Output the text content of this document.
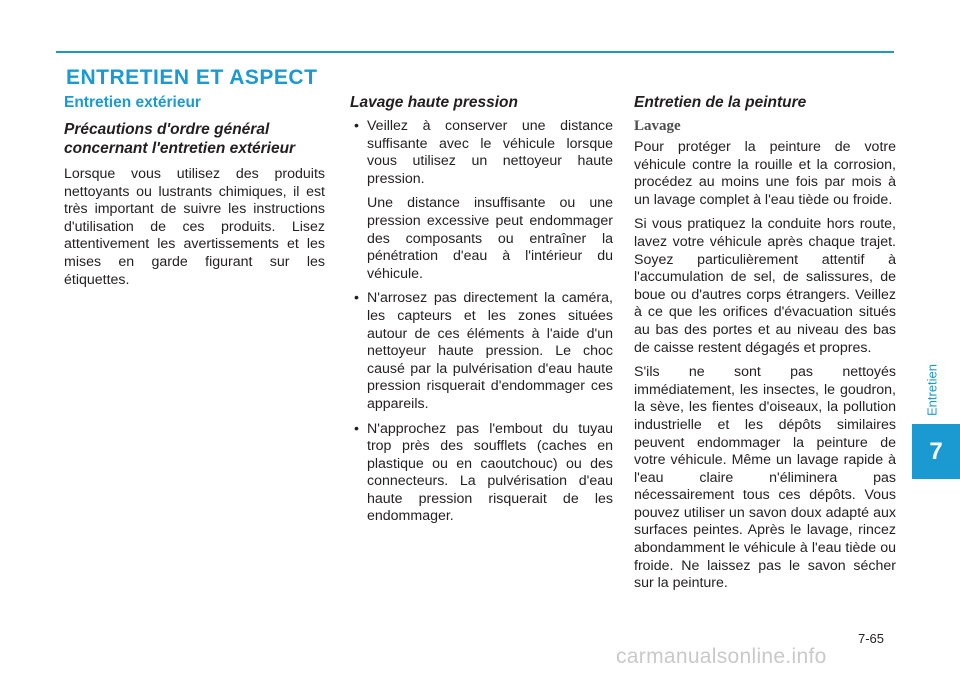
ENTRETIEN ET ASPECT
Entretien extérieur
Précautions d'ordre général
concernant l'entretien extérieur

Lorsque vous utilisez des produits nettoyants ou lustrants chimiques, il est très important de suivre les instructions d'utilisation de ces produits. Lisez attentivement les avertissements et les mises en garde figurant sur les étiquettes.

Lavage haute pression
• Veillez à conserver une distance suffisante avec le véhicule lorsque vous utilisez un nettoyeur haute pression.

Une distance insuffisante ou une pression excessive peut endommager des composants ou entraîner la pénétration d'eau à l'intérieur du véhicule.

• N'arrosez pas directement la caméra, les capteurs et les zones situées autour de ces éléments à l'aide d'un nettoyeur haute pression. Le choc causé par la pulvérisation d'eau haute pression risquerait d'endommager ces appareils.

• N'approchez pas l'embout du tuyau trop près des soufflets (caches en plastique ou en caoutchouc) ou des connecteurs. La pulvérisation d'eau haute pression risquerait de les endommager.

Entretien de la peinture
Lavage

Pour protéger la peinture de votre véhicule contre la rouille et la corrosion, procédez au moins une fois par mois à un lavage complet à l'eau tiède ou froide.

Si vous pratiquez la conduite hors route, lavez votre véhicule après chaque trajet. Soyez particulièrement attentif à l'accumulation de sel, de salissures, de boue ou d'autres corps étrangers. Veillez à ce que les orifices d'évacuation situés au bas des portes et au niveau des bas de caisse restent dégagés et propres.

S'ils ne sont pas nettoyés immédiatement, les insectes, le goudron, la sève, les fientes d'oiseaux, la pollution industrielle et les dépôts similaires peuvent endommager la peinture de votre véhicule. Même un lavage rapide à l'eau claire n'éliminera pas nécessairement tous ces dépôts. Vous pouvez utiliser un savon doux adapté aux surfaces peintes. Après le lavage, rincez abondamment le véhicule à l'eau tiède ou froide. Ne laissez pas le savon sécher sur la peinture.

Entretien
7
7-65
carmanualsonline.info
